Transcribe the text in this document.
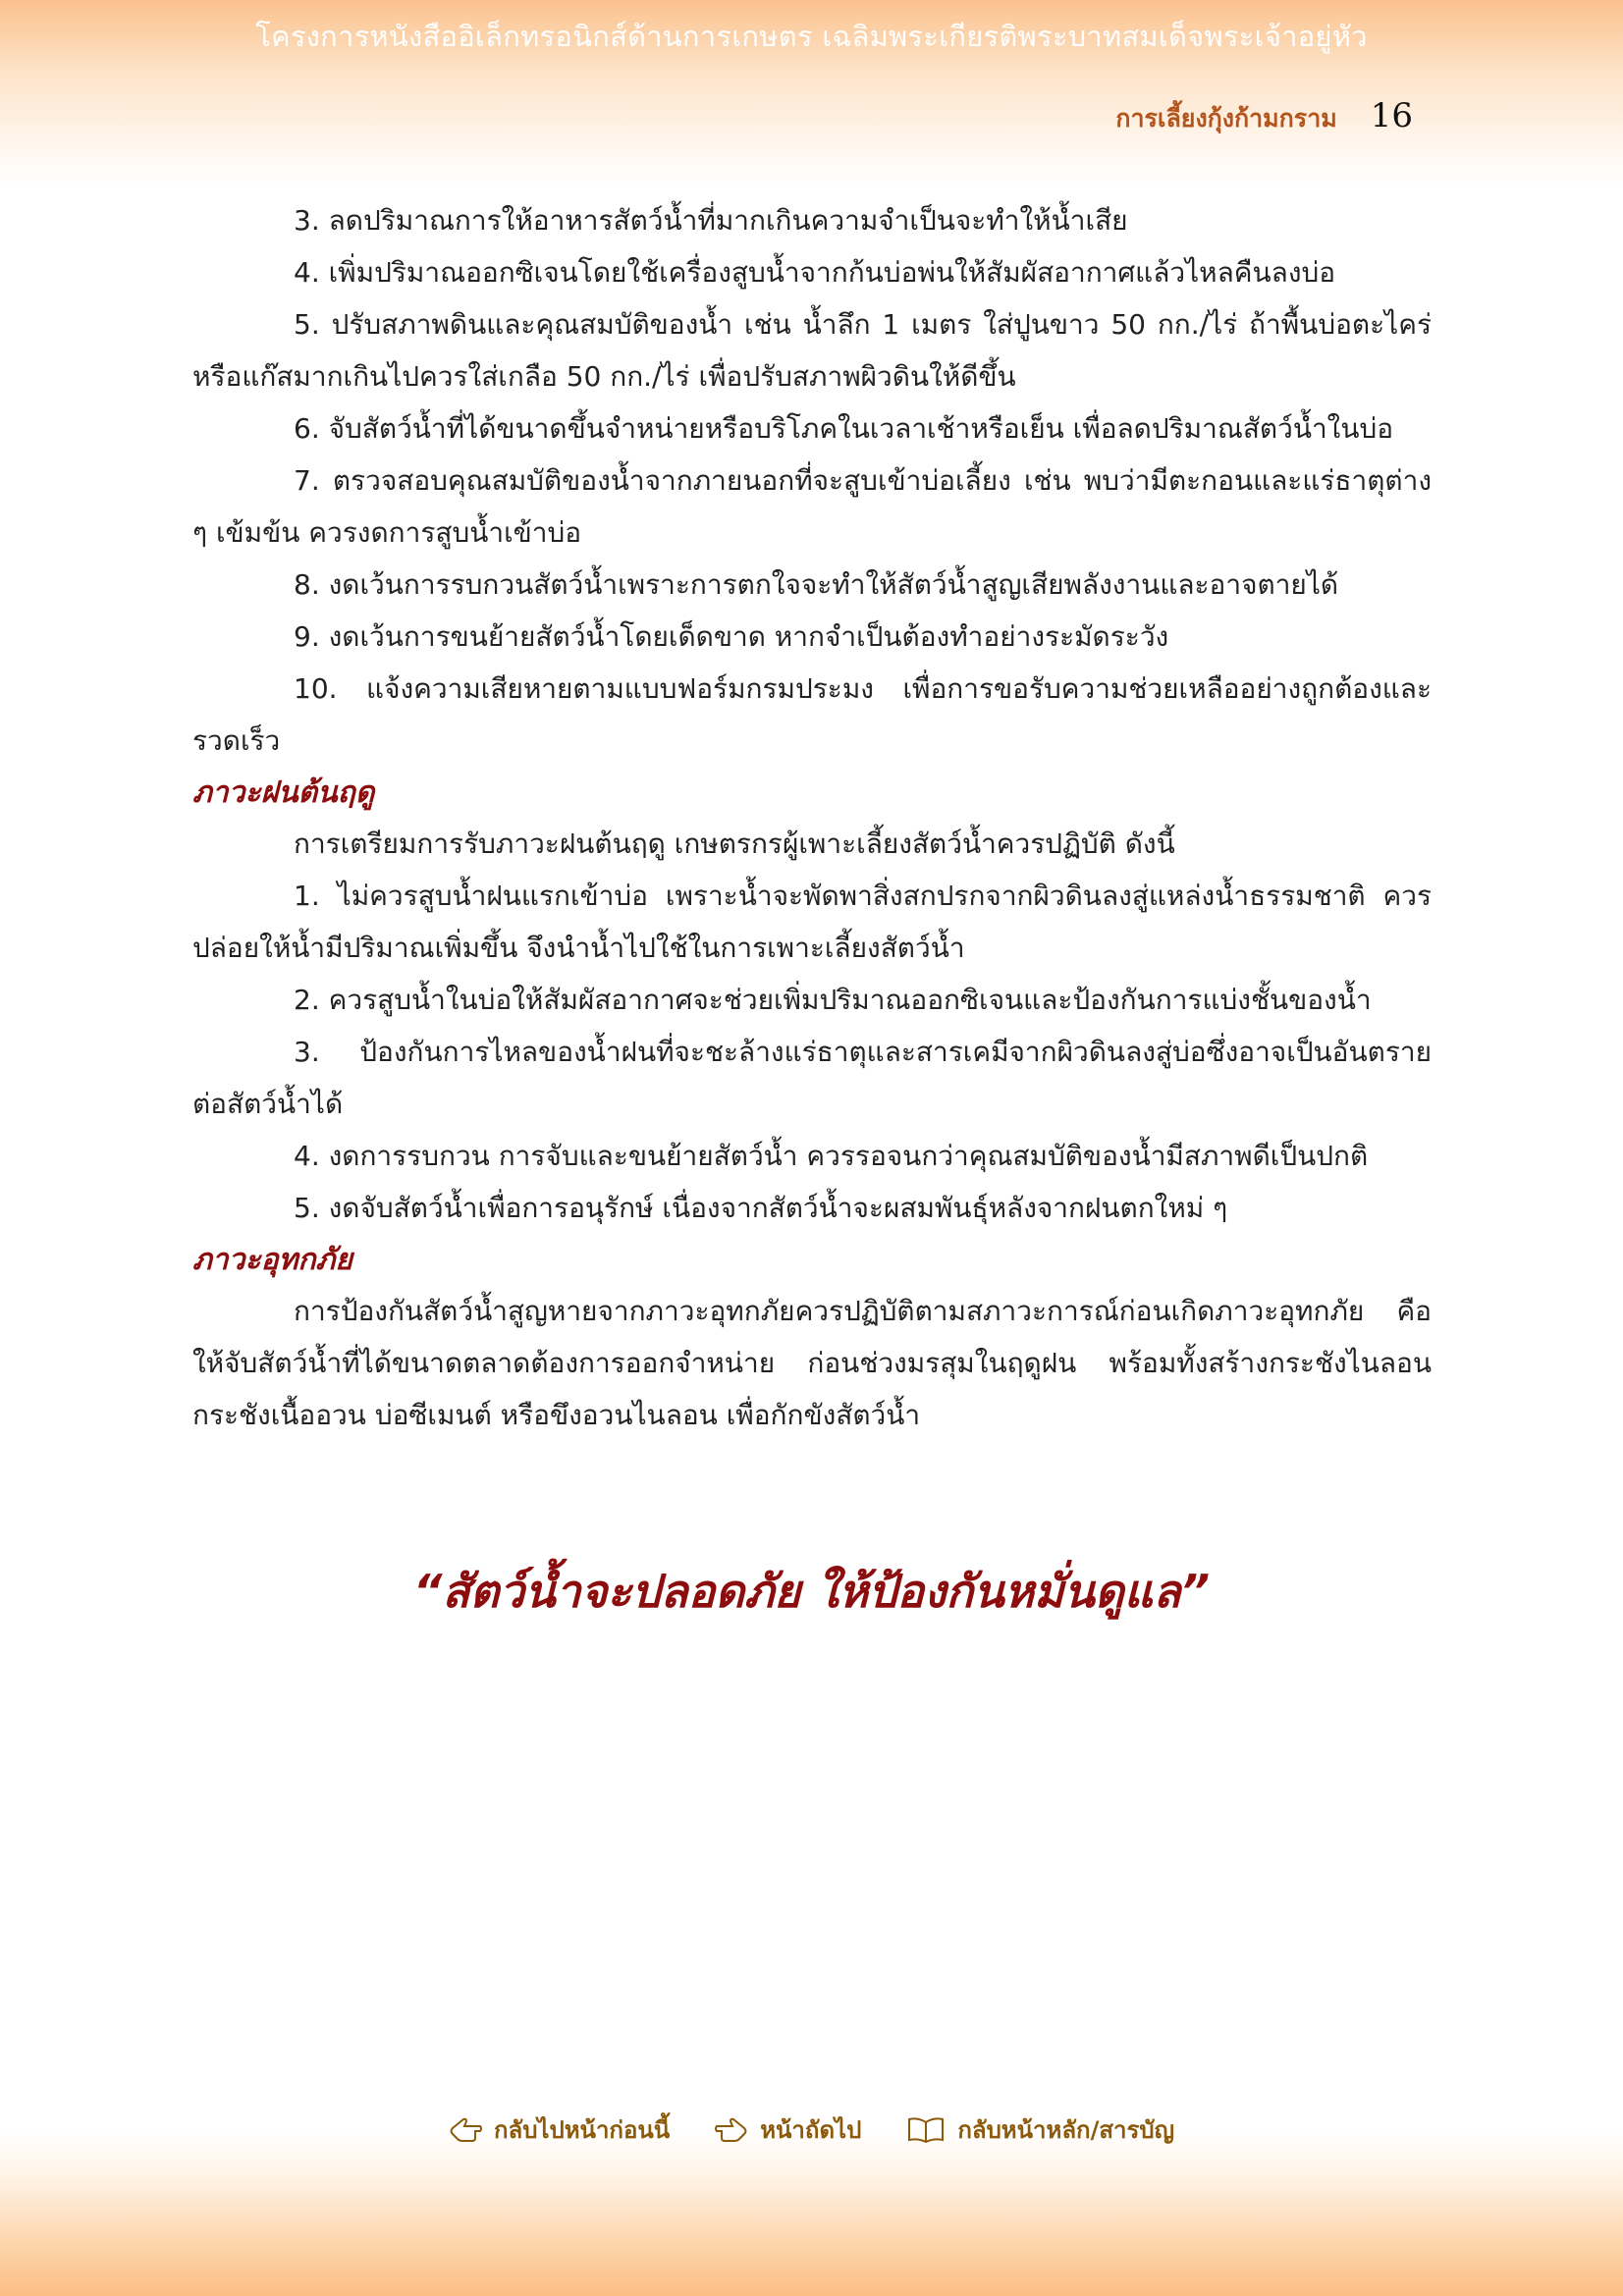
โครงการหนังสืออิเล็กทรอนิกส์ด้านการเกษตร เฉลิมพระเกียรติพระบาทสมเด็จพระเจ้าอยู่หัว
การเลี้ยงกุ้งก้ามกราม 16

3. ลดปริมาณการให้อาหารสัตว์น้ำที่มากเกินความจำเป็นจะทำให้น้ำเสีย

4. เพิ่มปริมาณออกซิเจนโดยใช้เครื่องสูบน้ำจากก้นบ่อพ่นให้สัมผัสอากาศแล้วไหลคืนลงบ่อ

5. ปรับสภาพดินและคุณสมบัติของน้ำ เช่น น้ำลึก 1 เมตร ใส่ปูนขาว 50 กก./ไร่ ถ้าพื้นบ่อตะไคร่หรือแก๊สมากเกินไปควรใส่เกลือ 50 กก./ไร่ เพื่อปรับสภาพผิวดินให้ดีขึ้น

6. จับสัตว์น้ำที่ได้ขนาดขึ้นจำหน่ายหรือบริโภคในเวลาเช้าหรือเย็น เพื่อลดปริมาณสัตว์น้ำในบ่อ

7. ตรวจสอบคุณสมบัติของน้ำจากภายนอกที่จะสูบเข้าบ่อเลี้ยง เช่น พบว่ามีตะกอนและแร่ธาตุต่าง ๆ เข้มข้น ควรงดการสูบน้ำเข้าบ่อ

8. งดเว้นการรบกวนสัตว์น้ำเพราะการตกใจจะทำให้สัตว์น้ำสูญเสียพลังงานและอาจตายได้

9. งดเว้นการขนย้ายสัตว์น้ำโดยเด็ดขาด หากจำเป็นต้องทำอย่างระมัดระวัง

10. แจ้งความเสียหายตามแบบฟอร์มกรมประมง เพื่อการขอรับความช่วยเหลืออย่างถูกต้องและรวดเร็ว

ภาวะฝนต้นฤดู

การเตรียมการรับภาวะฝนต้นฤดู เกษตรกรผู้เพาะเลี้ยงสัตว์น้ำควรปฏิบัติ ดังนี้

1. ไม่ควรสูบน้ำฝนแรกเข้าบ่อ เพราะน้ำจะพัดพาสิ่งสกปรกจากผิวดินลงสู่แหล่งน้ำธรรมชาติ ควรปล่อยให้น้ำมีปริมาณเพิ่มขึ้น จึงนำน้ำไปใช้ในการเพาะเลี้ยงสัตว์น้ำ

2. ควรสูบน้ำในบ่อให้สัมผัสอากาศจะช่วยเพิ่มปริมาณออกซิเจนและป้องกันการแบ่งชั้นของน้ำ

3. ป้องกันการไหลของน้ำฝนที่จะชะล้างแร่ธาตุและสารเคมีจากผิวดินลงสู่บ่อซึ่งอาจเป็นอันตรายต่อสัตว์น้ำได้

4. งดการรบกวน การจับและขนย้ายสัตว์น้ำ ควรรอจนกว่าคุณสมบัติของน้ำมีสภาพดีเป็นปกติ

5. งดจับสัตว์น้ำเพื่อการอนุรักษ์ เนื่องจากสัตว์น้ำจะผสมพันธุ์หลังจากฝนตกใหม่ ๆ

ภาวะอุทกภัย

การป้องกันสัตว์น้ำสูญหายจากภาวะอุทกภัยควรปฏิบัติตามสภาวะการณ์ก่อนเกิดภาวะอุทกภัย คือให้จับสัตว์น้ำที่ได้ขนาดตลาดต้องการออกจำหน่าย ก่อนช่วงมรสุมในฤดูฝน พร้อมทั้งสร้างกระชังไนลอน กระชังเนื้ออวน บ่อซีเมนต์ หรือขึงอวนไนลอน เพื่อกักขังสัตว์น้ำ

“สัตว์น้ำจะปลอดภัย ให้ป้องกันหมั่นดูแล”
กลับไปหน้าก่อนนี้	หน้าถัดไป	กลับหน้าหลัก/สารบัญ
